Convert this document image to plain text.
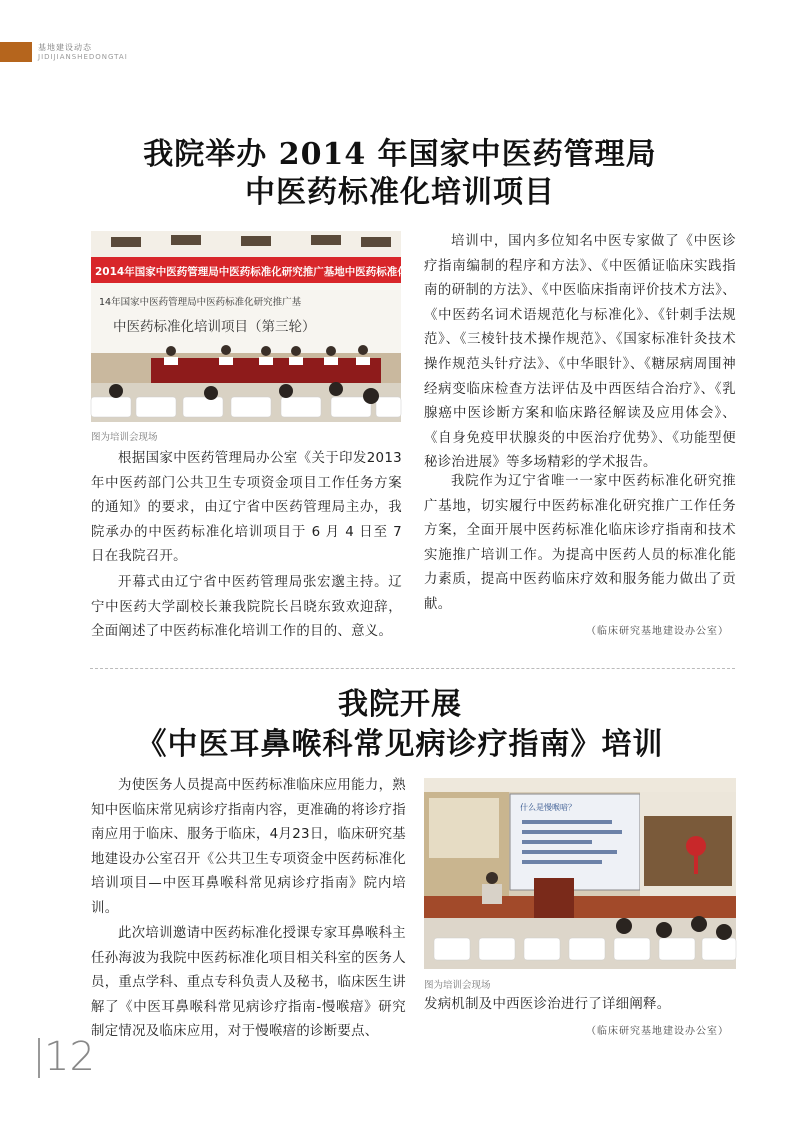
基地建设动态
JIDIJIANSHEDONGTAI
我院举办 2014 年国家中医药管理局
中医药标准化培训项目
2014年国家中医药管理局中医药标准化研究推广基地中医药标准化培训项目（第三轮
14年国家中医药管理局中医药标准化研究推广基
中医药标准化培训项目（第三轮）
图为培训会现场

根据国家中医药管理局办公室《关于印发2013 年中医药部门公共卫生专项资金项目工作任务方案的通知》的要求，由辽宁省中医药管理局主办，我院承办的中医药标准化培训项目于 6 月 4 日至 7 日在我院召开。

开幕式由辽宁省中医药管理局张宏邈主持。辽宁中医药大学副校长兼我院院长吕晓东致欢迎辞，全面阐述了中医药标准化培训工作的目的、意义。

培训中，国内多位知名中医专家做了《中医诊疗指南编制的程序和方法》、《中医循证临床实践指南的研制的方法》、《中医临床指南评价技术方法》、《中医药名词术语规范化与标准化》、《针刺手法规范》、《三棱针技术操作规范》、《国家标准针灸技术操作规范头针疗法》、《中华眼针》、《糖尿病周围神经病变临床检查方法评估及中西医结合治疗》、《乳腺癌中医诊断方案和临床路径解读及应用体会》、《自身免疫甲状腺炎的中医治疗优势》、《功能型便秘诊治进展》等多场精彩的学术报告。

我院作为辽宁省唯一一家中医药标准化研究推广基地，切实履行中医药标准化研究推广工作任务方案，全面开展中医药标准化临床诊疗指南和技术实施推广培训工作。为提高中医药人员的标准化能力素质，提高中医药临床疗效和服务能力做出了贡献。

（临床研究基地建设办公室）
我院开展
《中医耳鼻喉科常见病诊疗指南》培训

为使医务人员提高中医药标准临床应用能力，熟知中医临床常见病诊疗指南内容，更准确的将诊疗指南应用于临床、服务于临床，4月23日，临床研究基地建设办公室召开《公共卫生专项资金中医药标准化培训项目—中医耳鼻喉科常见病诊疗指南》院内培训。

此次培训邀请中医药标准化授课专家耳鼻喉科主任孙海波为我院中医药标准化项目相关科室的医务人员，重点学科、重点专科负责人及秘书，临床医生讲解了《中医耳鼻喉科常见病诊疗指南-慢喉瘖》研究制定情况及临床应用，对于慢喉瘖的诊断要点、

什么是慢喉喑？
图为培训会现场

发病机制及中西医诊治进行了详细阐释。

（临床研究基地建设办公室）
12
